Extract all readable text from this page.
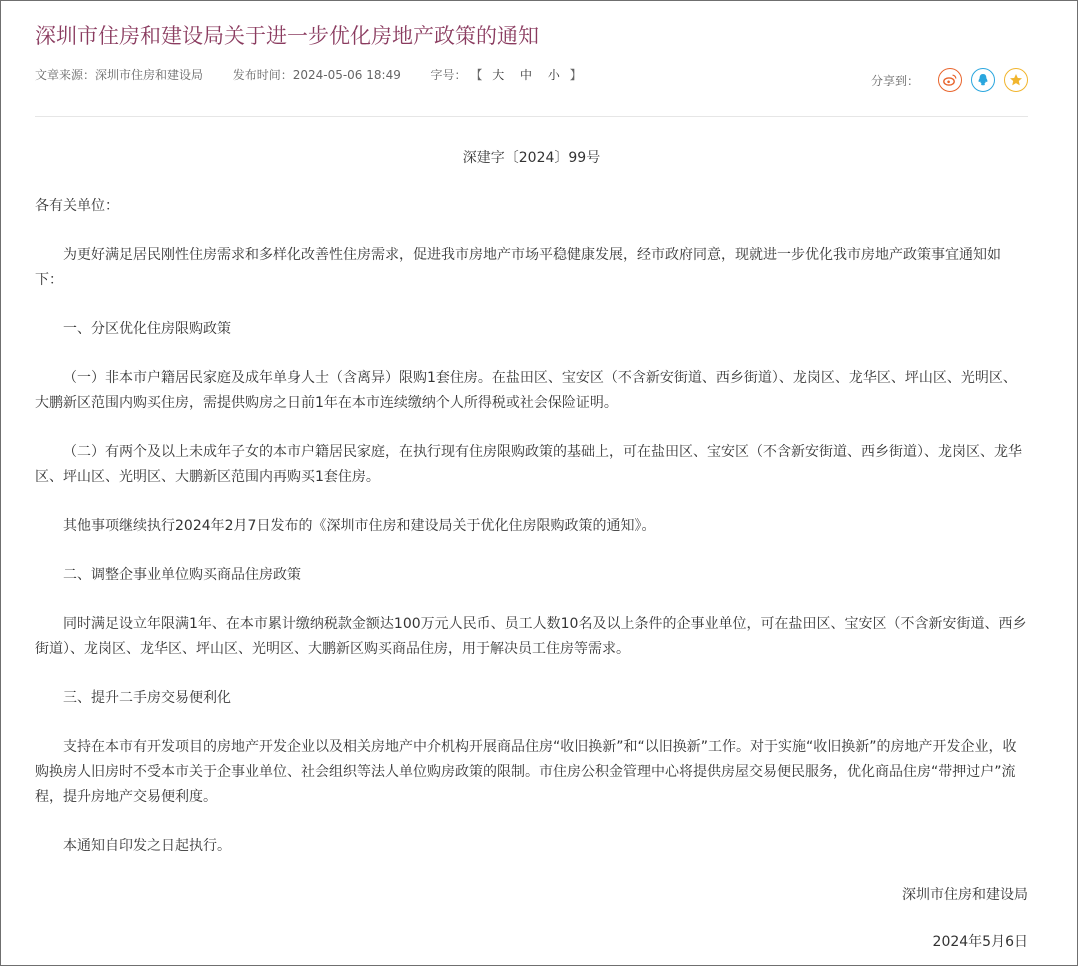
深圳市住房和建设局关于进一步优化房地产政策的通知
文章来源：深圳市住房和建设局 发布时间：2024-05-06 18:49 字号： 【 大 中 小 】	分享到：

深建字〔2024〕99号

各有关单位：

为更好满足居民刚性住房需求和多样化改善性住房需求，促进我市房地产市场平稳健康发展，经市政府同意，现就进一步优化我市房地产政策事宜通知如下：

一、分区优化住房限购政策

（一）非本市户籍居民家庭及成年单身人士（含离异）限购1套住房。在盐田区、宝安区（不含新安街道、西乡街道）、龙岗区、龙华区、坪山区、光明区、大鹏新区范围内购买住房，需提供购房之日前1年在本市连续缴纳个人所得税或社会保险证明。

（二）有两个及以上未成年子女的本市户籍居民家庭，在执行现有住房限购政策的基础上，可在盐田区、宝安区（不含新安街道、西乡街道）、龙岗区、龙华区、坪山区、光明区、大鹏新区范围内再购买1套住房。

其他事项继续执行2024年2月7日发布的《深圳市住房和建设局关于优化住房限购政策的通知》。

二、调整企事业单位购买商品住房政策

同时满足设立年限满1年、在本市累计缴纳税款金额达100万元人民币、员工人数10名及以上条件的企事业单位，可在盐田区、宝安区（不含新安街道、西乡街道）、龙岗区、龙华区、坪山区、光明区、大鹏新区购买商品住房，用于解决员工住房等需求。

三、提升二手房交易便利化

支持在本市有开发项目的房地产开发企业以及相关房地产中介机构开展商品住房“收旧换新”和“以旧换新”工作。对于实施“收旧换新”的房地产开发企业，收购换房人旧房时不受本市关于企事业单位、社会组织等法人单位购房政策的限制。市住房公积金管理中心将提供房屋交易便民服务，优化商品住房“带押过户”流程，提升房地产交易便利度。

本通知自印发之日起执行。

深圳市住房和建设局

2024年5月6日
